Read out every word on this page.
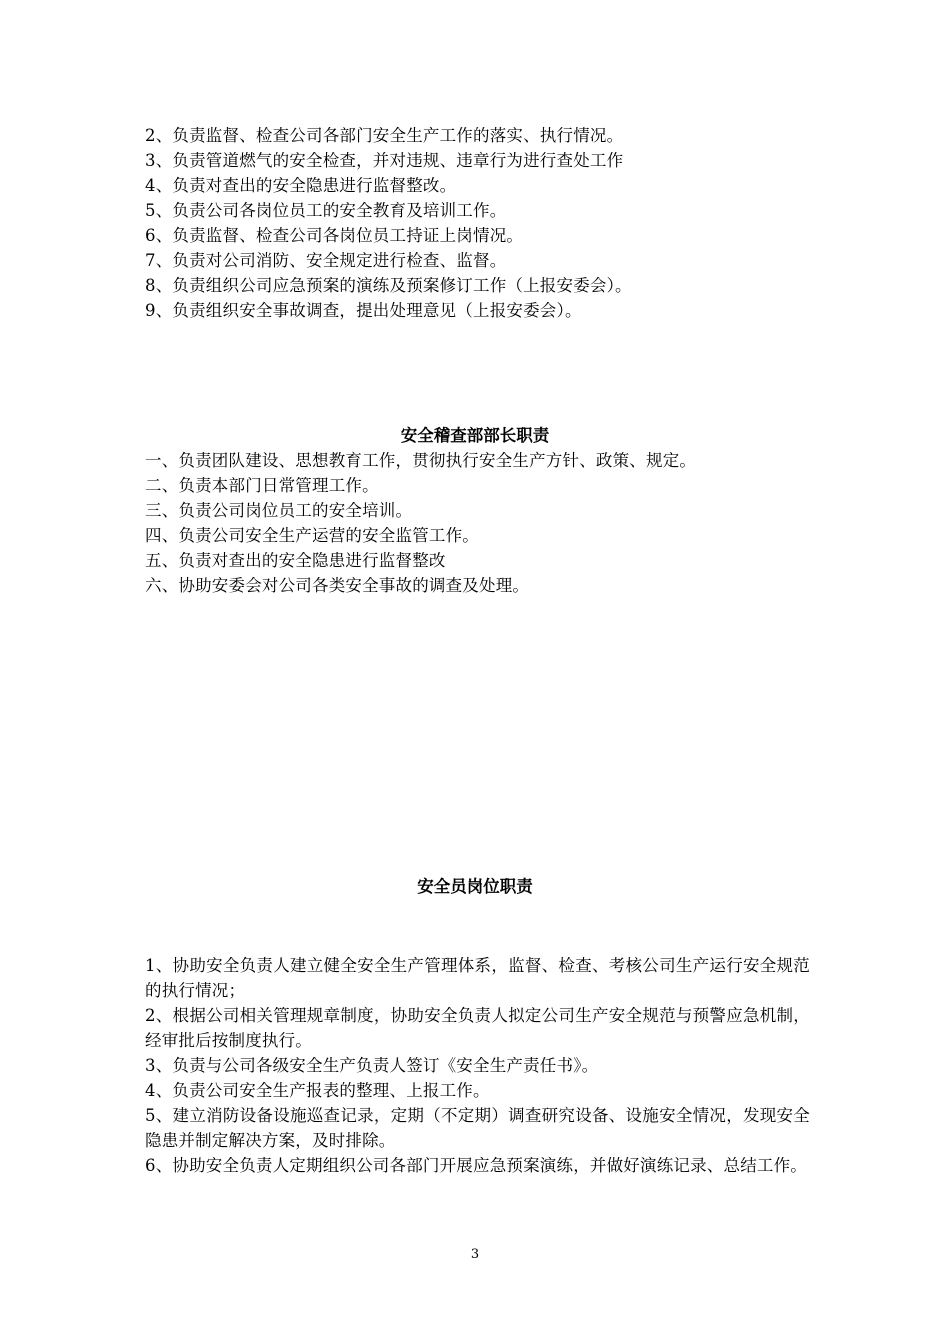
2、负责监督、检查公司各部门安全生产工作的落实、执行情况。
3、负责管道燃气的安全检查，并对违规、违章行为进行查处工作
4、负责对查出的安全隐患进行监督整改。
5、负责公司各岗位员工的安全教育及培训工作。
6、负责监督、检查公司各岗位员工持证上岗情况。
7、负责对公司消防、安全规定进行检查、监督。
8、负责组织公司应急预案的演练及预案修订工作（上报安委会）。
9、负责组织安全事故调查，提出处理意见（上报安委会）。
安全稽查部部长职责
一、负责团队建设、思想教育工作，贯彻执行安全生产方针、政策、规定。
二、负责本部门日常管理工作。
三、负责公司岗位员工的安全培训。
四、负责公司安全生产运营的安全监管工作。
五、负责对查出的安全隐患进行监督整改
六、协助安委会对公司各类安全事故的调查及处理。
安全员岗位职责
1、协助安全负责人建立健全安全生产管理体系，监督、检查、考核公司生产运行安全规范的执行情况；
2、根据公司相关管理规章制度，协助安全负责人拟定公司生产安全规范与预警应急机制，经审批后按制度执行。
3、负责与公司各级安全生产负责人签订《安全生产责任书》。
4、负责公司安全生产报表的整理、上报工作。
5、建立消防设备设施巡查记录，定期（不定期）调查研究设备、设施安全情况，发现安全隐患并制定解决方案，及时排除。
6、协助安全负责人定期组织公司各部门开展应急预案演练，并做好演练记录、总结工作。
3
